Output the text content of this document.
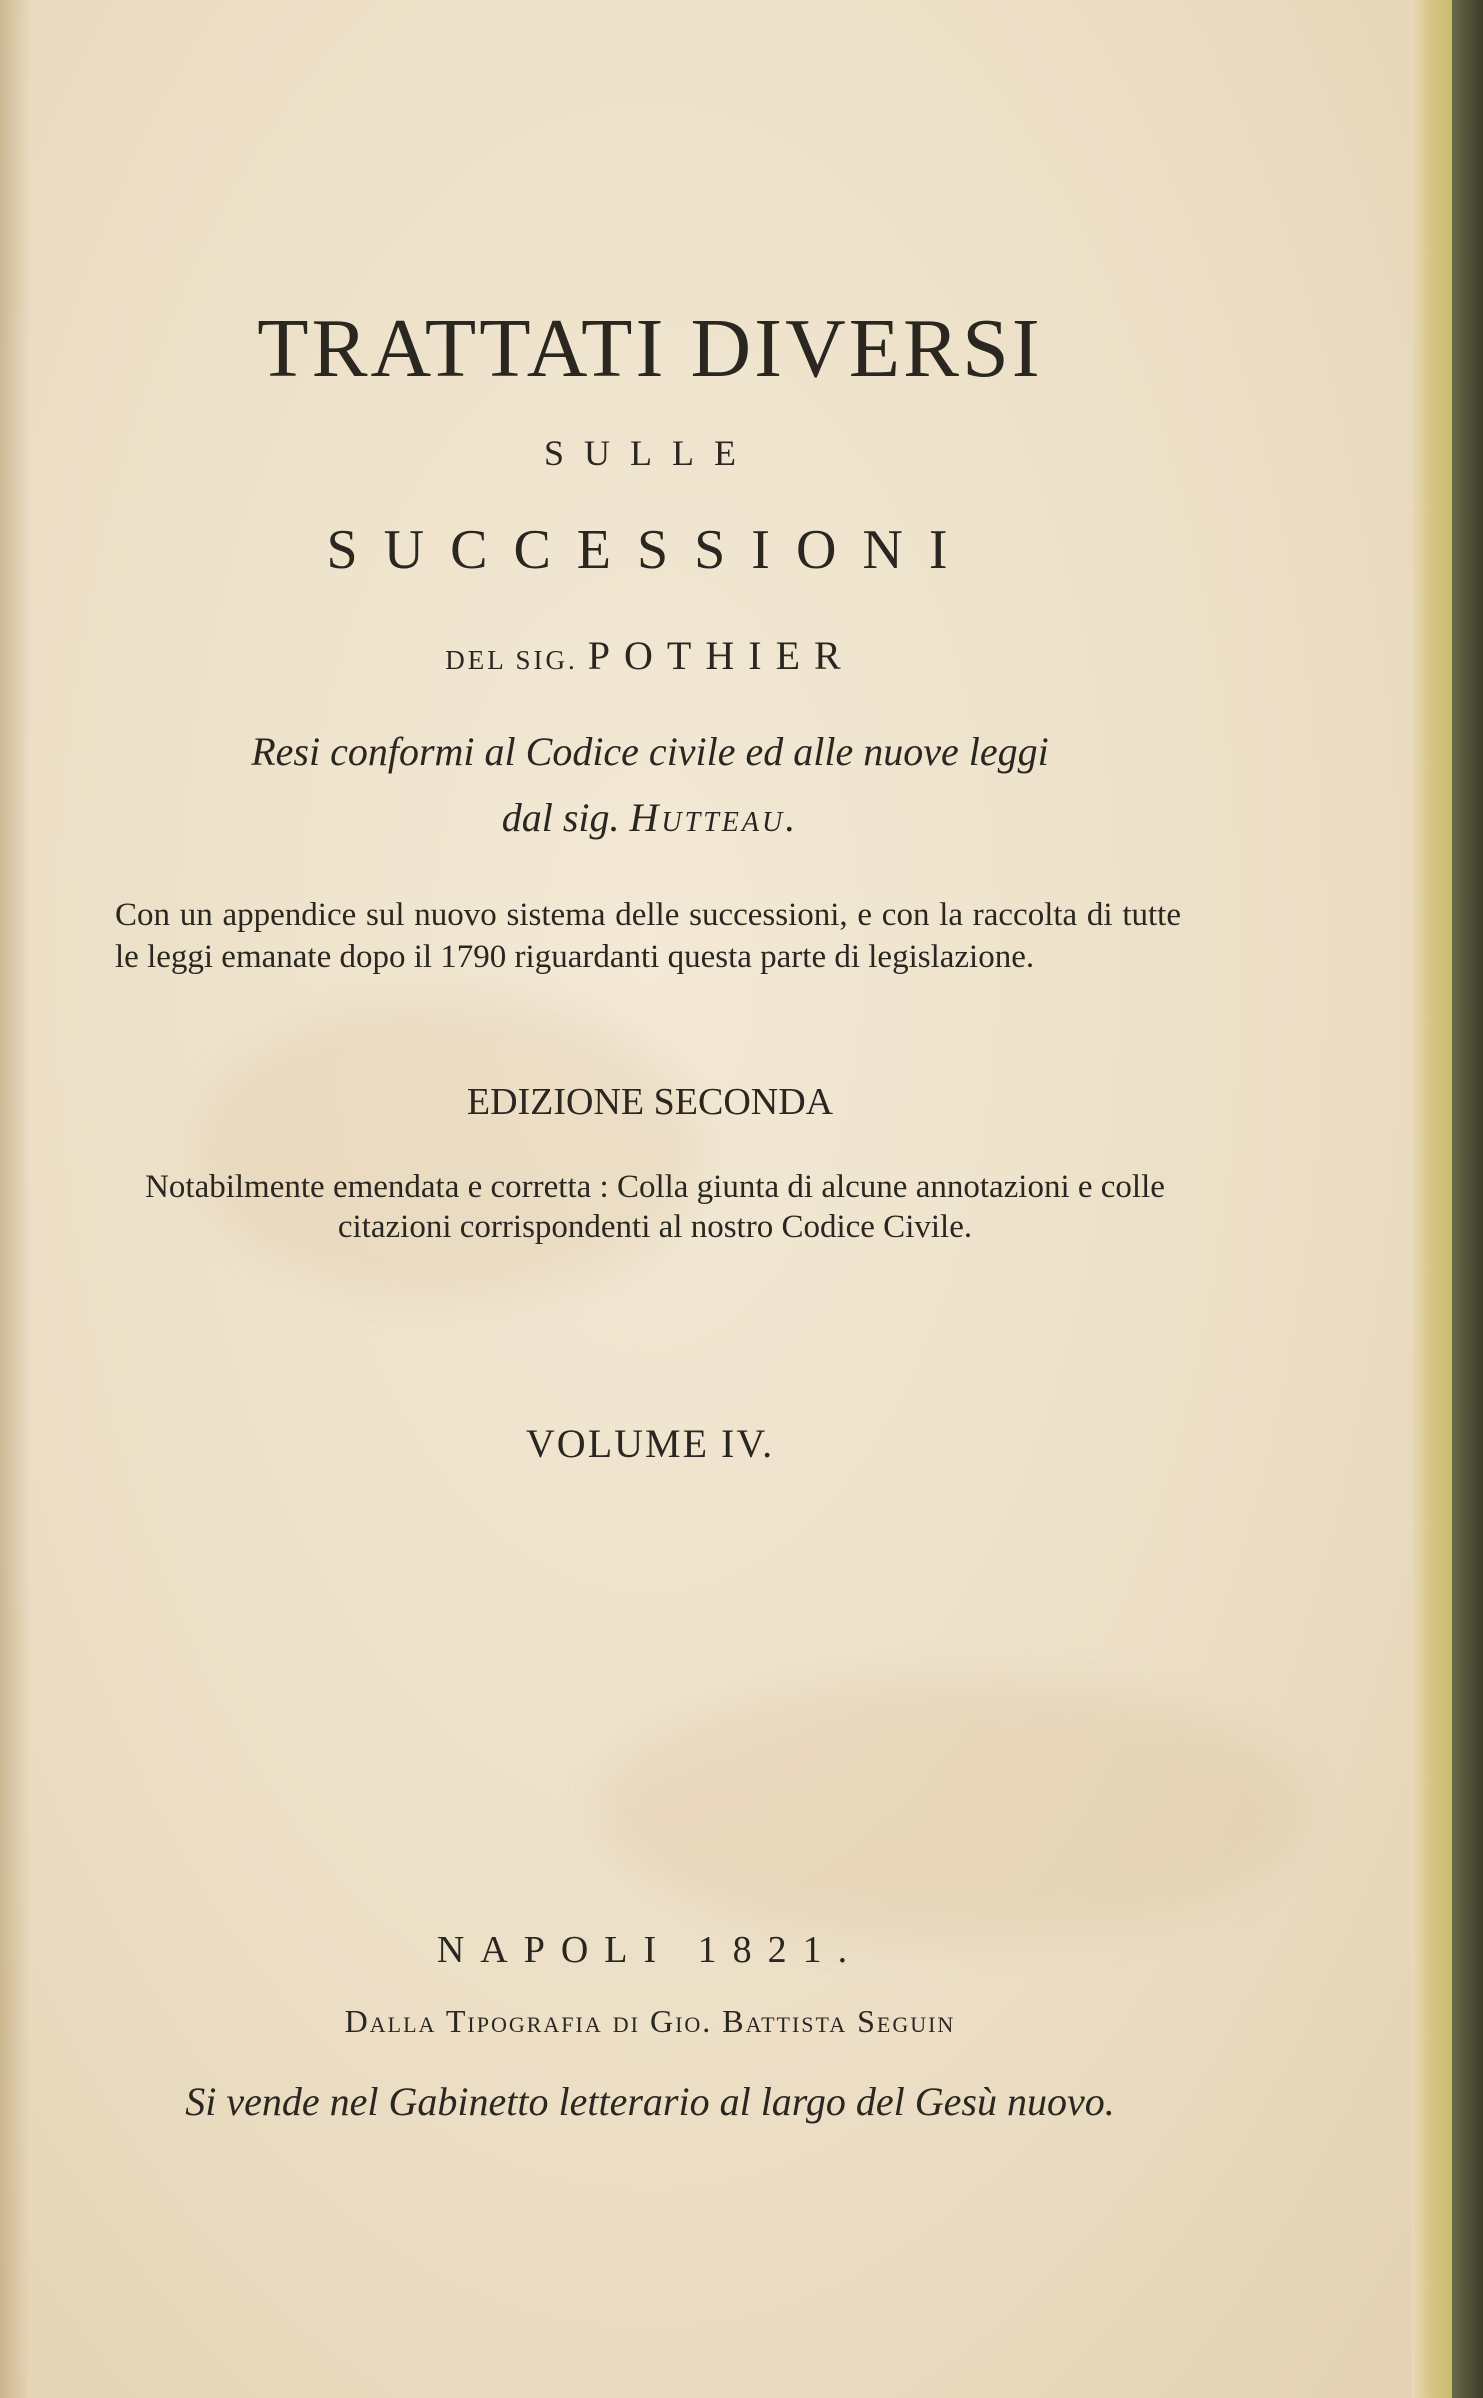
TRATTATI DIVERSI
SULLE
SUCCESSIONI
DEL SIG. POTHIER
Resi conformi al Codice civile ed alle nuove leggi
dal sig. Hutteau.
Con un appendice sul nuovo sistema delle successioni, e con la raccolta di tutte le leggi emanate dopo il 1790 riguardanti questa parte di legislazione.
EDIZIONE SECONDA
Notabilmente emendata e corretta : Colla giunta di alcune annotazioni e colle citazioni corrispondenti al nostro Codice Civile.
VOLUME IV.
NAPOLI 1821.
Dalla Tipografia di Gio. Battista Seguin
Si vende nel Gabinetto letterario al largo del Gesù nuovo.
